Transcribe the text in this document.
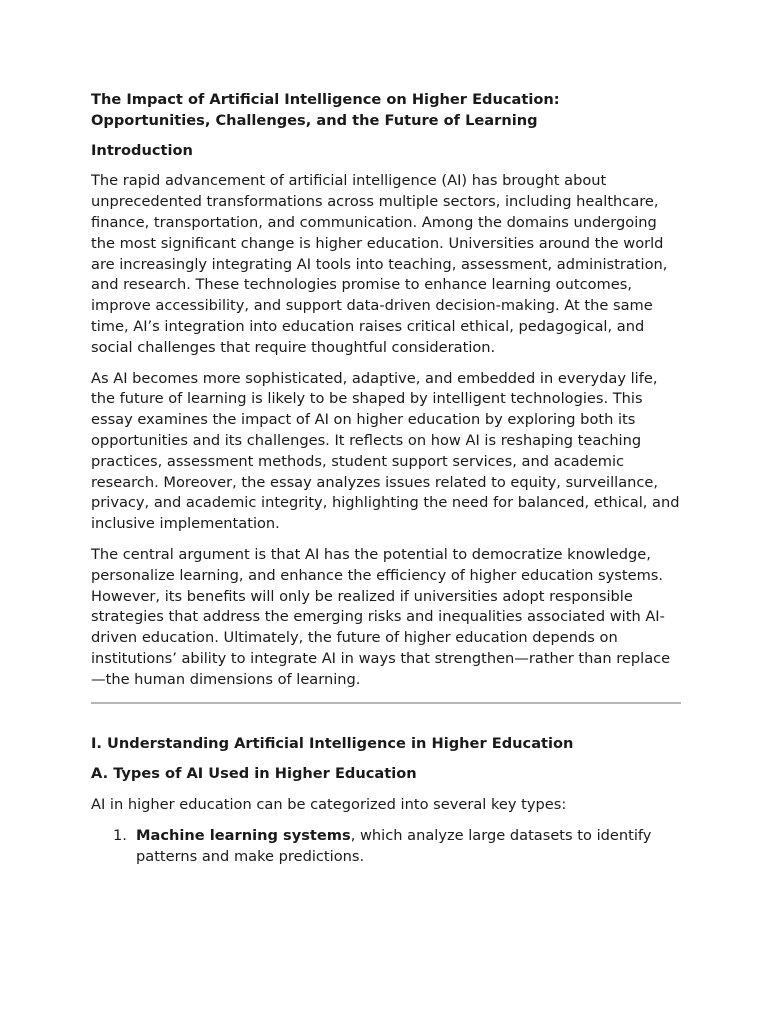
The Impact of Artificial Intelligence on Higher Education: Opportunities, Challenges, and the Future of Learning
Introduction

The rapid advancement of artificial intelligence (AI) has brought about unprecedented transformations across multiple sectors, including healthcare, finance, transportation, and communication. Among the domains undergoing the most significant change is higher education. Universities around the world are increasingly integrating AI tools into teaching, assessment, administration, and research. These technologies promise to enhance learning outcomes, improve accessibility, and support data-driven decision-making. At the same time, AI’s integration into education raises critical ethical, pedagogical, and social challenges that require thoughtful consideration.

As AI becomes more sophisticated, adaptive, and embedded in everyday life, the future of learning is likely to be shaped by intelligent technologies. This essay examines the impact of AI on higher education by exploring both its opportunities and its challenges. It reflects on how AI is reshaping teaching practices, assessment methods, student support services, and academic research. Moreover, the essay analyzes issues related to equity, surveillance, privacy, and academic integrity, highlighting the need for balanced, ethical, and inclusive implementation.

The central argument is that AI has the potential to democratize knowledge, personalize learning, and enhance the efficiency of higher education systems. However, its benefits will only be realized if universities adopt responsible strategies that address the emerging risks and inequalities associated with AI-driven education. Ultimately, the future of higher education depends on institutions’ ability to integrate AI in ways that strengthen—rather than replace—the human dimensions of learning.

I. Understanding Artificial Intelligence in Higher Education
A. Types of AI Used in Higher Education

AI in higher education can be categorized into several key types:

1. Machine learning systems, which analyze large datasets to identify patterns and make predictions.
